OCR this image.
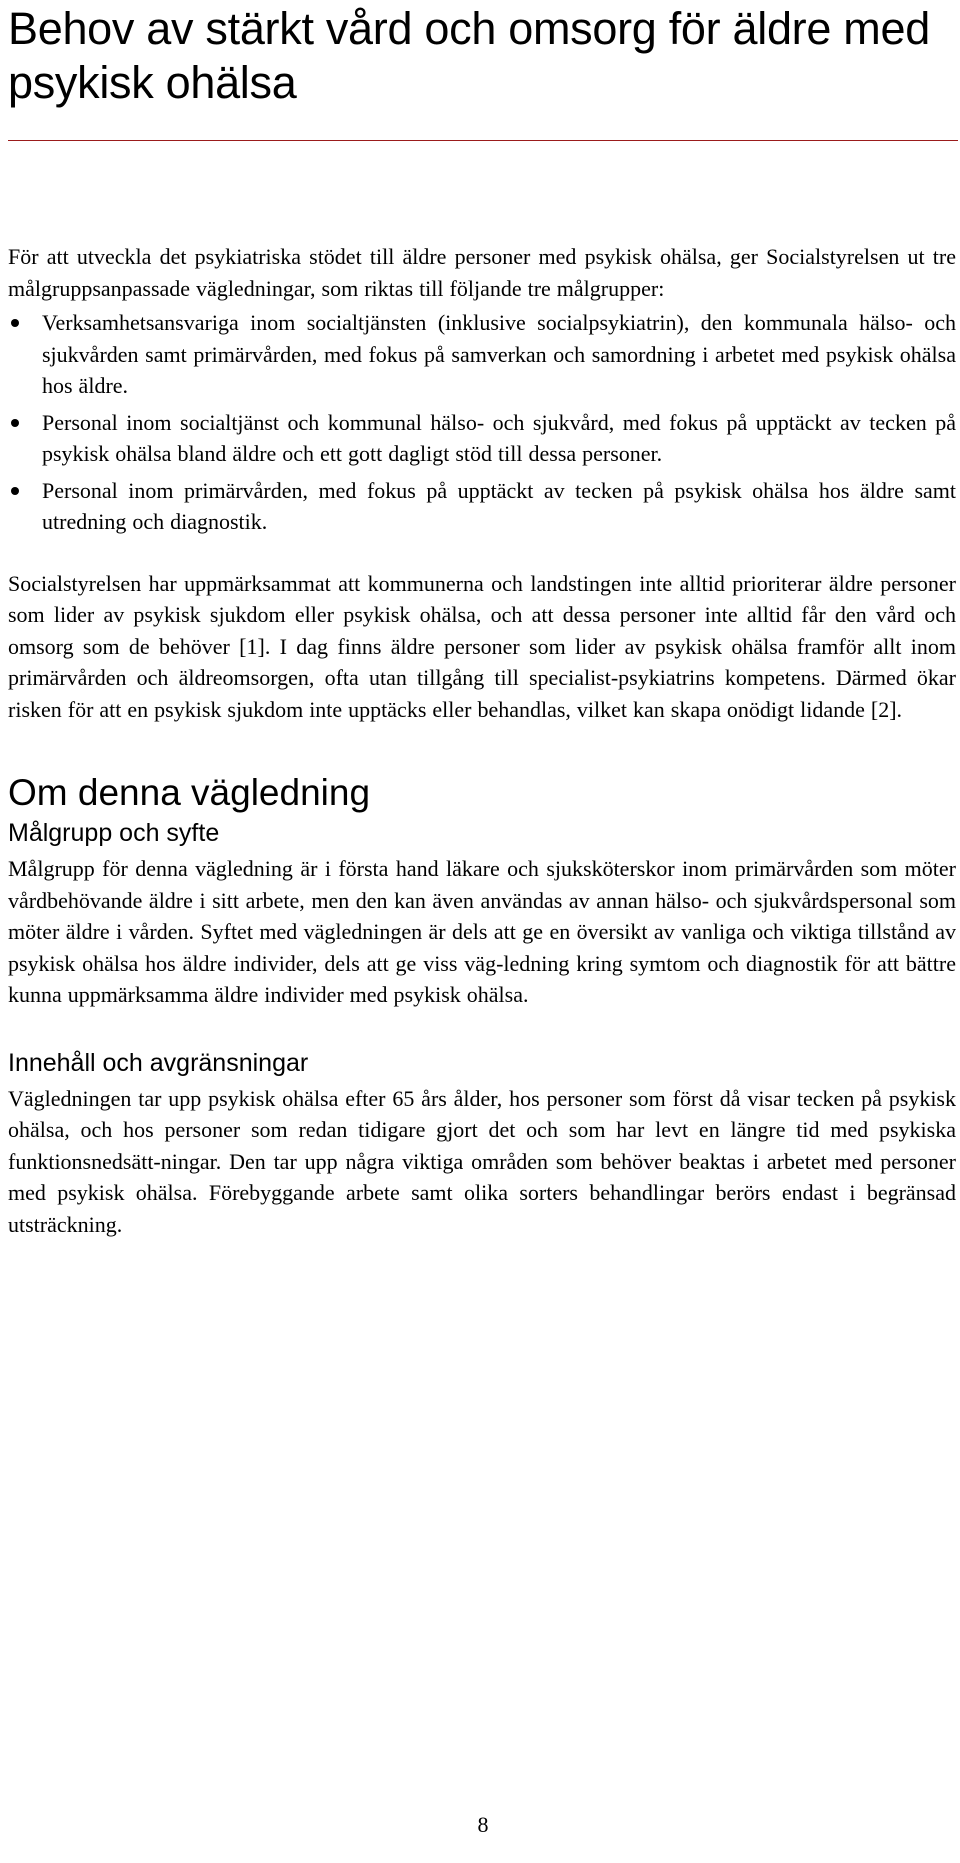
Behov av stärkt vård och omsorg för äldre med psykisk ohälsa

För att utveckla det psykiatriska stödet till äldre personer med psykisk ohälsa, ger Socialstyrelsen ut tre målgruppsanpassade vägledningar, som riktas till följande tre målgrupper:

Verksamhetsansvariga inom socialtjänsten (inklusive socialpsykiatrin), den kommunala hälso- och sjukvården samt primärvården, med fokus på samverkan och samordning i arbetet med psykisk ohälsa hos äldre.
Personal inom socialtjänst och kommunal hälso- och sjukvård, med fokus på upptäckt av tecken på psykisk ohälsa bland äldre och ett gott dagligt stöd till dessa personer.
Personal inom primärvården, med fokus på upptäckt av tecken på psykisk ohälsa hos äldre samt utredning och diagnostik.

Socialstyrelsen har uppmärksammat att kommunerna och landstingen inte alltid prioriterar äldre personer som lider av psykisk sjukdom eller psykisk ohälsa, och att dessa personer inte alltid får den vård och omsorg som de behöver [1]. I dag finns äldre personer som lider av psykisk ohälsa framför allt inom primärvården och äldreomsorgen, ofta utan tillgång till specialist-psykiatrins kompetens. Därmed ökar risken för att en psykisk sjukdom inte upptäcks eller behandlas, vilket kan skapa onödigt lidande [2].

Om denna vägledning
Målgrupp och syfte

Målgrupp för denna vägledning är i första hand läkare och sjuksköterskor inom primärvården som möter vårdbehövande äldre i sitt arbete, men den kan även användas av annan hälso- och sjukvårdspersonal som möter äldre i vården. Syftet med vägledningen är dels att ge en översikt av vanliga och viktiga tillstånd av psykisk ohälsa hos äldre individer, dels att ge viss väg-ledning kring symtom och diagnostik för att bättre kunna uppmärksamma äldre individer med psykisk ohälsa.

Innehåll och avgränsningar

Vägledningen tar upp psykisk ohälsa efter 65 års ålder, hos personer som först då visar tecken på psykisk ohälsa, och hos personer som redan tidigare gjort det och som har levt en längre tid med psykiska funktionsnedsätt-ningar. Den tar upp några viktiga områden som behöver beaktas i arbetet med personer med psykisk ohälsa. Förebyggande arbete samt olika sorters behandlingar berörs endast i begränsad utsträckning.

8
